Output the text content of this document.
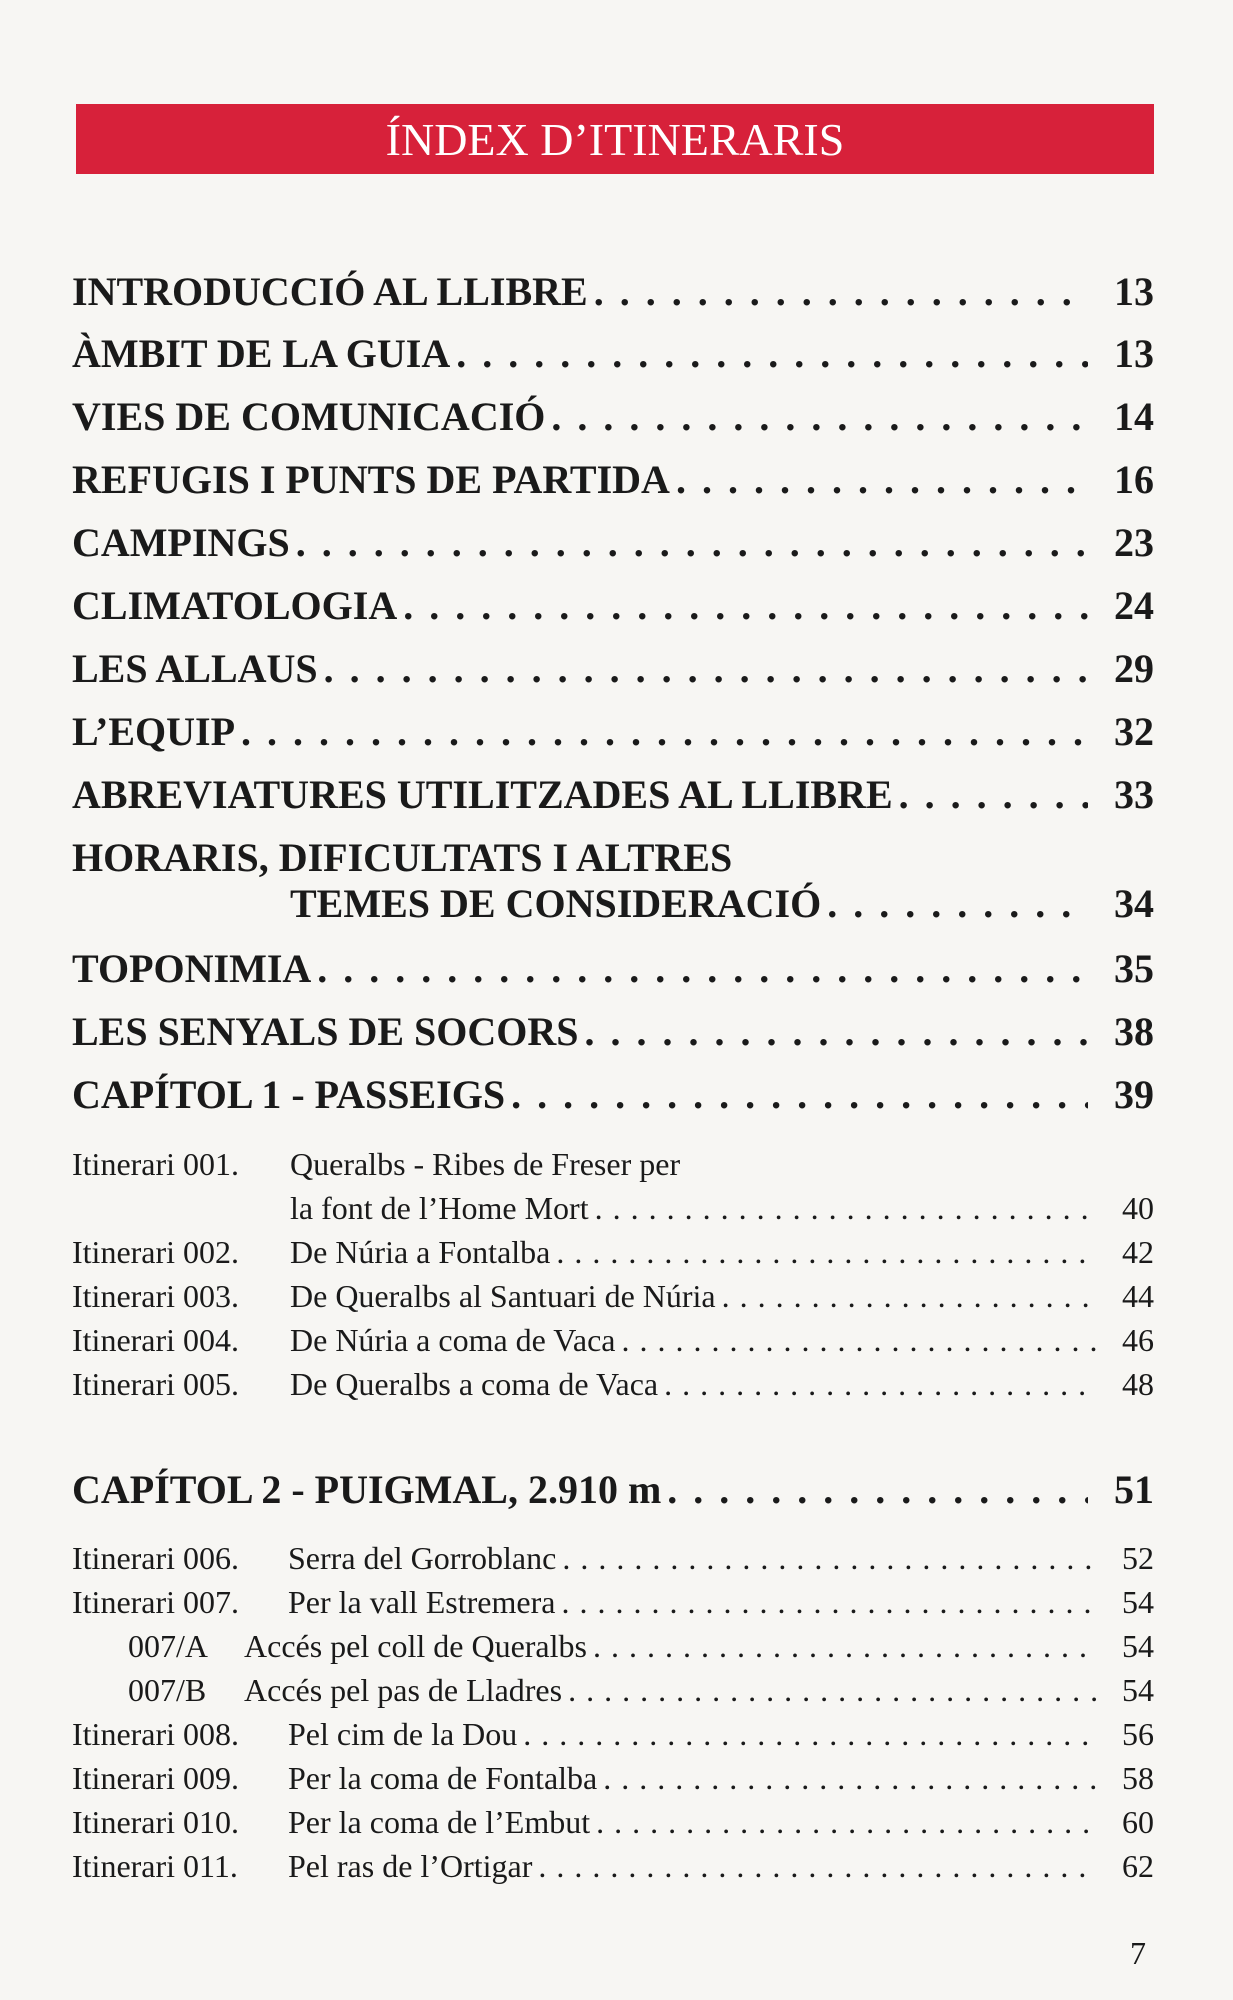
ÍNDEX D’ITINERARIS
INTRODUCCIÓ AL LLIBRE . . .	13
ÀMBIT DE LA GUIA . . .	13
VIES DE COMUNICACIÓ . . .	14
REFUGIS I PUNTS DE PARTIDA . . .	16
CAMPINGS . . .	23
CLIMATOLOGIA . . .	24
LES ALLAUS . . .	29
L’EQUIP . . .	32
ABREVIATURES UTILITZADES AL LLIBRE . . .	33
HORARIS, DIFICULTATS I ALTRES
TEMES DE CONSIDERACIÓ . . .	34
TOPONIMIA . . .	35
LES SENYALS DE SOCORS . . .	38
CAPÍTOL 1 - PASSEIGS . . .	39
Itinerari 001. Queralbs - Ribes de Freser per
la font de l’Home Mort . . .	40
Itinerari 002.	De Núria a Fontalba . . .	42
Itinerari 003.	De Queralbs al Santuari de Núria . . .	44
Itinerari 004.	De Núria a coma de Vaca . . .	46
Itinerari 005.	De Queralbs a coma de Vaca . . .	48
CAPÍTOL 2 - PUIGMAL, 2.910 m . . .	51
Itinerari 006.	Serra del Gorroblanc . . .	52
Itinerari 007.	Per la vall Estremera . . .	54
007/A	Accés pel coll de Queralbs . . .	54
007/B	Accés pel pas de Lladres . . .	54
Itinerari 008.	Pel cim de la Dou . . .	56
Itinerari 009.	Per la coma de Fontalba . . .	58
Itinerari 010.	Per la coma de l’Embut . . .	60
Itinerari 011.	Pel ras de l’Ortigar . . .	62
7
